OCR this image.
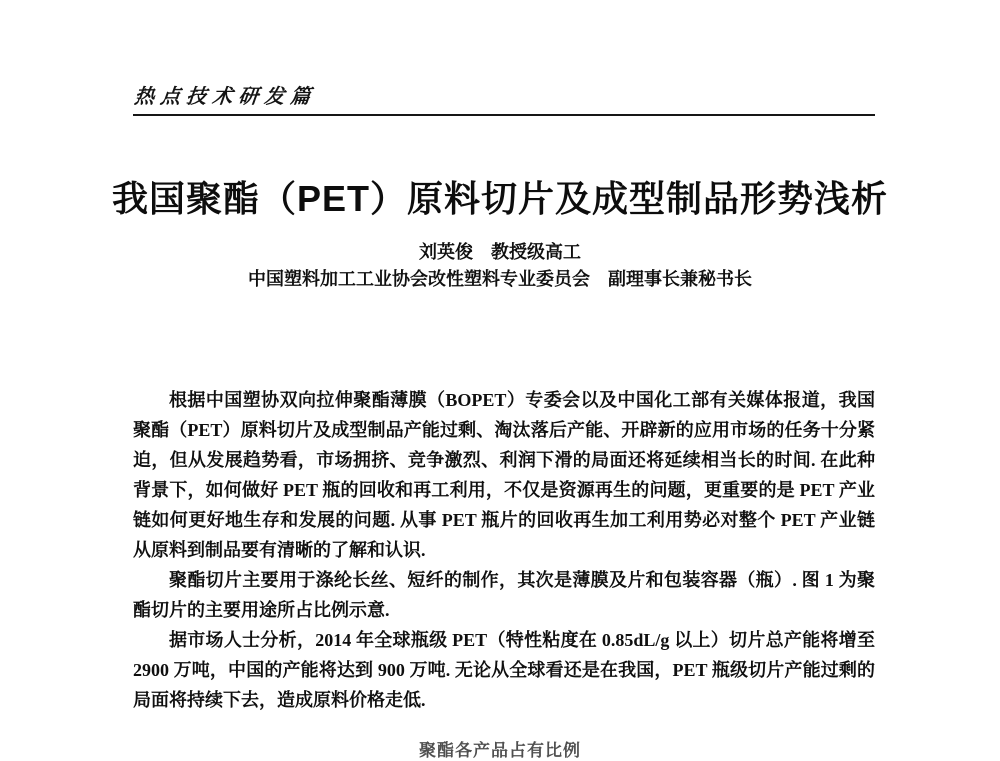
热点技术研发篇
我国聚酯（PET）原料切片及成型制品形势浅析
刘英俊　教授级高工
中国塑料加工工业协会改性塑料专业委员会　副理事长兼秘书长

根据中国塑协双向拉伸聚酯薄膜（BOPET）专委会以及中国化工部有关媒体报道，我国聚酯（PET）原料切片及成型制品产能过剩、淘汰落后产能、开辟新的应用市场的任务十分紧迫，但从发展趋势看，市场拥挤、竞争激烈、利润下滑的局面还将延续相当长的时间. 在此种背景下，如何做好 PET 瓶的回收和再工利用，不仅是资源再生的问题，更重要的是 PET 产业链如何更好地生存和发展的问题. 从事 PET 瓶片的回收再生加工利用势必对整个 PET 产业链从原料到制品要有清晰的了解和认识.

聚酯切片主要用于涤纶长丝、短纤的制作，其次是薄膜及片和包装容器（瓶）. 图 1 为聚酯切片的主要用途所占比例示意.

据市场人士分析，2014 年全球瓶级 PET（特性粘度在 0.85dL/g 以上）切片总产能将增至 2900 万吨，中国的产能将达到 900 万吨. 无论从全球看还是在我国，PET 瓶级切片产能过剩的局面将持续下去，造成原料价格走低.

聚酯各产品占有比例
